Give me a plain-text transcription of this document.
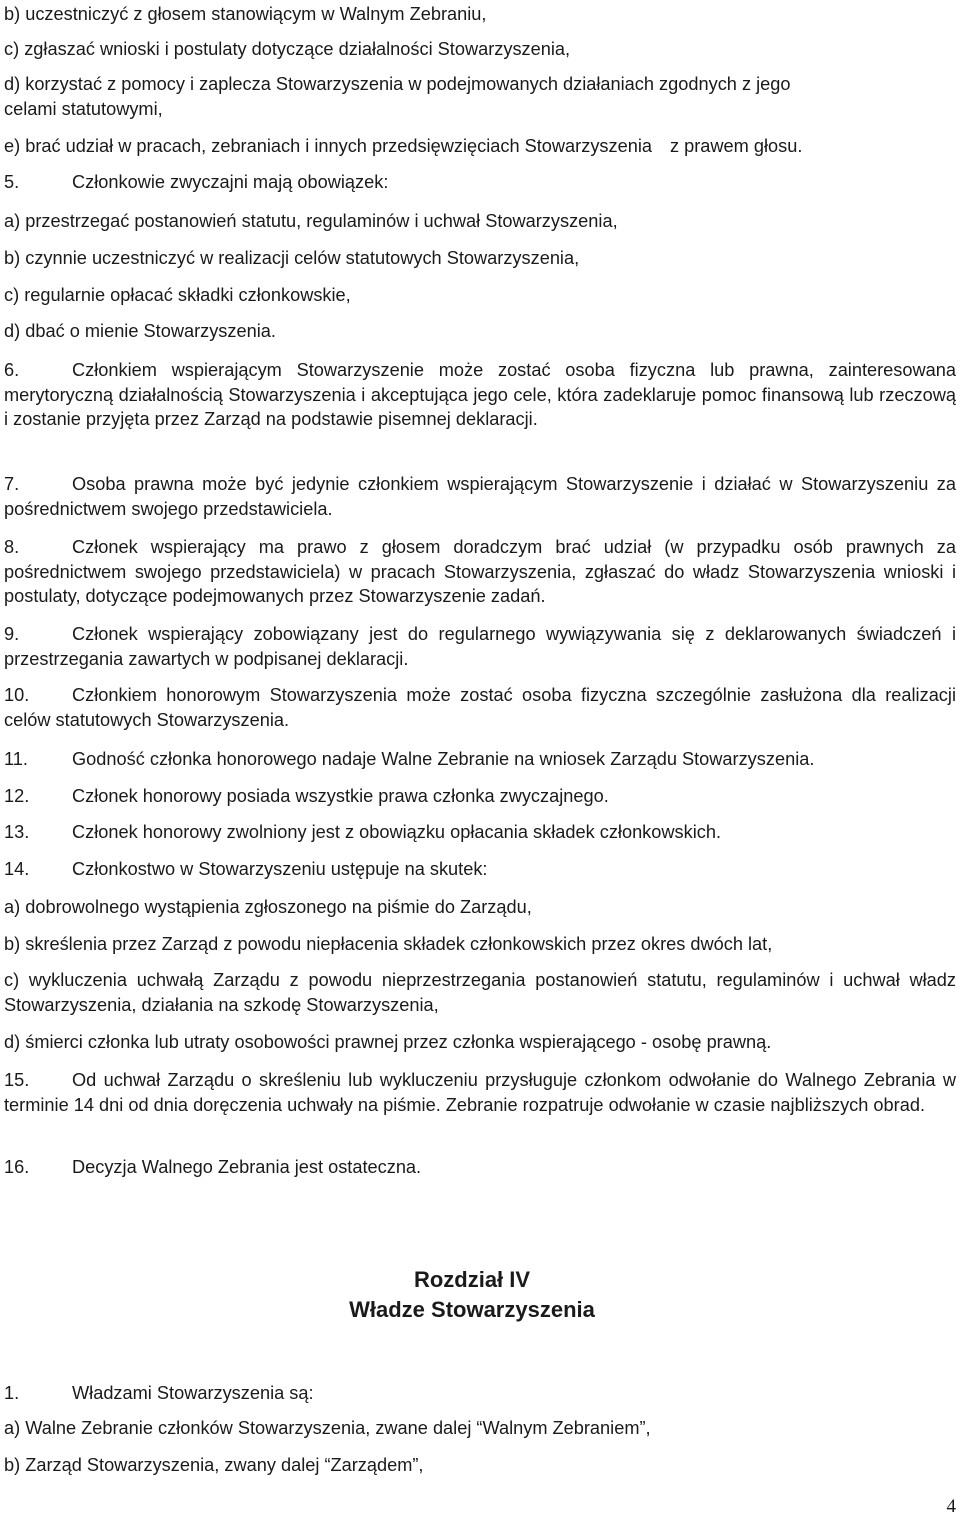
b) uczestniczyć z głosem stanowiącym w Walnym Zebraniu,
c) zgłaszać wnioski i postulaty dotyczące działalności Stowarzyszenia,
d) korzystać z pomocy i zaplecza Stowarzyszenia w podejmowanych działaniach zgodnych z jego
celami statutowymi,
e) brać udział w pracach, zebraniach i innych przedsięwzięciach Stowarzyszenia z prawem głosu.
5.	Członkowie zwyczajni mają obowiązek:
a) przestrzegać postanowień statutu, regulaminów i uchwał Stowarzyszenia,
b) czynnie uczestniczyć w realizacji celów statutowych Stowarzyszenia,
c) regularnie opłacać składki członkowskie,
d) dbać o mienie Stowarzyszenia.
6.	Członkiem wspierającym Stowarzyszenie może zostać osoba fizyczna lub prawna, zainteresowana merytoryczną działalnością Stowarzyszenia i akceptująca jego cele, która zadeklaruje pomoc finansową lub rzeczową i zostanie przyjęta przez Zarząd na podstawie pisemnej deklaracji.
7.	Osoba prawna może być jedynie członkiem wspierającym Stowarzyszenie i działać w Stowarzyszeniu za pośrednictwem swojego przedstawiciela.
8.	Członek wspierający ma prawo z głosem doradczym brać udział (w przypadku osób prawnych za pośrednictwem swojego przedstawiciela) w pracach Stowarzyszenia, zgłaszać do władz Stowarzyszenia wnioski i postulaty, dotyczące podejmowanych przez Stowarzyszenie zadań.
9.	Członek wspierający zobowiązany jest do regularnego wywiązywania się z deklarowanych świadczeń i przestrzegania zawartych w podpisanej deklaracji.
10. Członkiem honorowym Stowarzyszenia może zostać osoba fizyczna szczególnie zasłużona dla realizacji celów statutowych Stowarzyszenia.
11. Godność członka honorowego nadaje Walne Zebranie na wniosek Zarządu Stowarzyszenia.
12. Członek honorowy posiada wszystkie prawa członka zwyczajnego.
13. Członek honorowy zwolniony jest z obowiązku opłacania składek członkowskich.
14. Członkostwo w Stowarzyszeniu ustępuje na skutek:
a) dobrowolnego wystąpienia zgłoszonego na piśmie do Zarządu,
b) skreślenia przez Zarząd z powodu niepłacenia składek członkowskich przez okres dwóch lat,
c) wykluczenia uchwałą Zarządu z powodu nieprzestrzegania postanowień statutu, regulaminów i uchwał władz Stowarzyszenia, działania na szkodę Stowarzyszenia,
d) śmierci członka lub utraty osobowości prawnej przez członka wspierającego - osobę prawną.
15. Od uchwał Zarządu o skreśleniu lub wykluczeniu przysługuje członkom odwołanie do Walnego Zebrania w terminie 14 dni od dnia doręczenia uchwały na piśmie. Zebranie rozpatruje odwołanie w czasie najbliższych obrad.
16. Decyzja Walnego Zebrania jest ostateczna.
Rozdział IV
Władze Stowarzyszenia
1.	Władzami Stowarzyszenia są:
a) Walne Zebranie członków Stowarzyszenia, zwane dalej “Walnym Zebraniem”,
b) Zarząd Stowarzyszenia, zwany dalej “Zarządem”,
4
